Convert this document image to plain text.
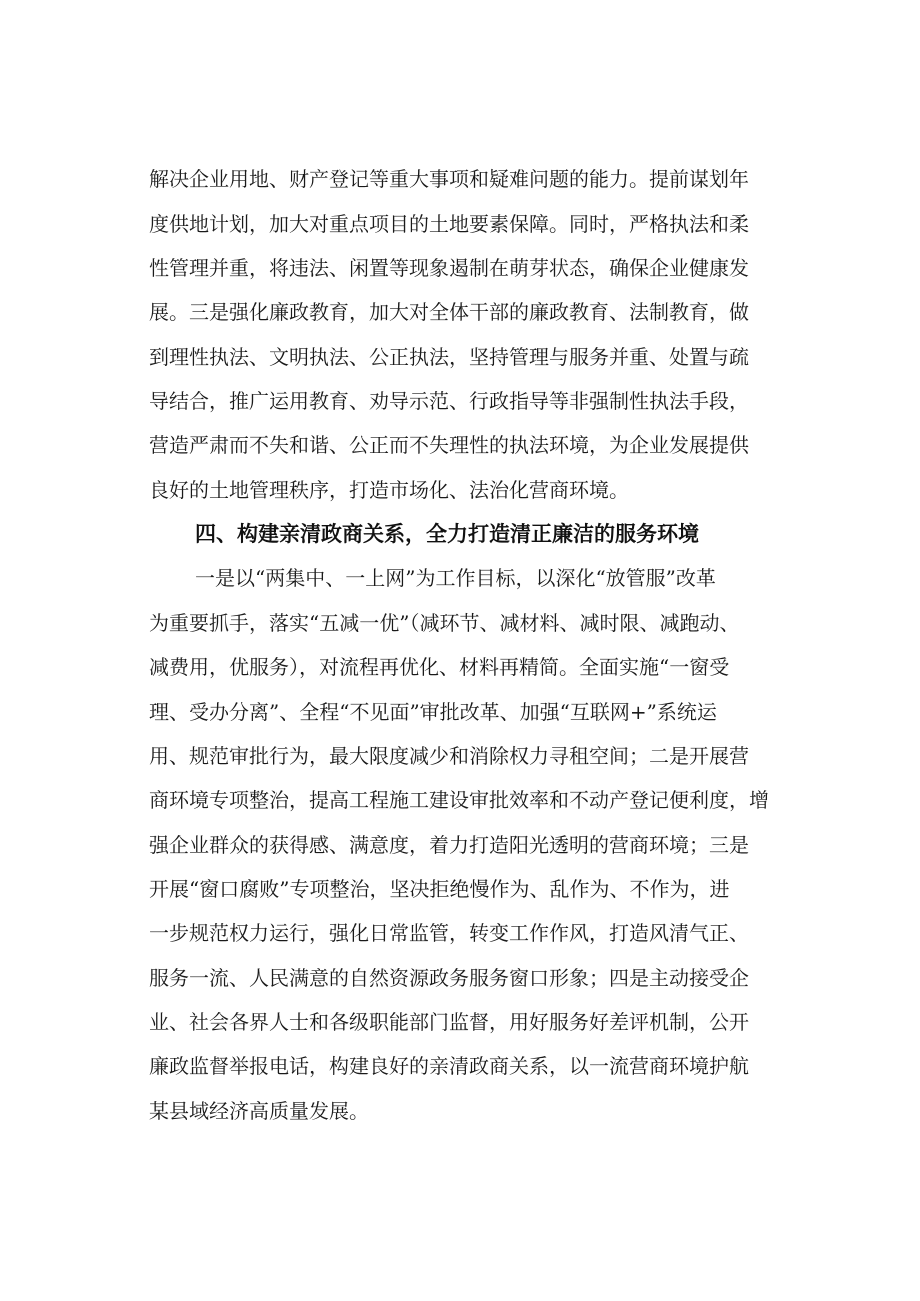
解决企业用地、财产登记等重大事项和疑难问题的能力。提前谋划年
度供地计划，加大对重点项目的土地要素保障。同时，严格执法和柔
性管理并重，将违法、闲置等现象遏制在萌芽状态，确保企业健康发
展。三是强化廉政教育，加大对全体干部的廉政教育、法制教育，做
到理性执法、文明执法、公正执法，坚持管理与服务并重、处置与疏
导结合，推广运用教育、劝导示范、行政指导等非强制性执法手段，
营造严肃而不失和谐、公正而不失理性的执法环境，为企业发展提供
良好的土地管理秩序，打造市场化、法治化营商环境。
四、构建亲清政商关系，全力打造清正廉洁的服务环境
一是以“两集中、一上网”为工作目标，以深化“放管服”改革
为重要抓手，落实“五减一优”（减环节、减材料、减时限、减跑动、
减费用，优服务），对流程再优化、材料再精简。全面实施“一窗受
理、受办分离”、全程“不见面”审批改革、加强“互联网+”系统运
用、规范审批行为，最大限度减少和消除权力寻租空间；二是开展营
商环境专项整治，提高工程施工建设审批效率和不动产登记便利度，增
强企业群众的获得感、满意度，着力打造阳光透明的营商环境；三是
开展“窗口腐败”专项整治，坚决拒绝慢作为、乱作为、不作为，进
一步规范权力运行，强化日常监管，转变工作作风，打造风清气正、
服务一流、人民满意的自然资源政务服务窗口形象；四是主动接受企
业、社会各界人士和各级职能部门监督，用好服务好差评机制，公开
廉政监督举报电话，构建良好的亲清政商关系，以一流营商环境护航
某县域经济高质量发展。
